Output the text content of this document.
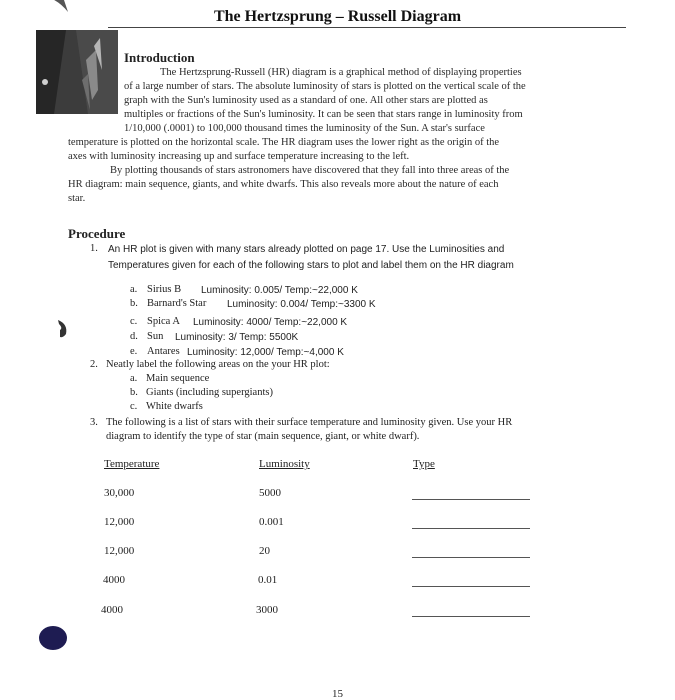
The Hertzsprung – Russell Diagram
Introduction
The Hertzsprung-Russell (HR) diagram is a graphical method of displaying properties
of a large number of stars. The absolute luminosity of stars is plotted on the vertical scale of the
graph with the Sun's luminosity used as a standard of one. All other stars are plotted as
multiples or fractions of the Sun's luminosity. It can be seen that stars range in luminosity from
1/10,000 (.0001) to 100,000 thousand times the luminosity of the Sun. A star's surface
temperature is plotted on the horizontal scale. The HR diagram uses the lower right as the origin of the
axes with luminosity increasing up and surface temperature increasing to the left.
By plotting thousands of stars astronomers have discovered that they fall into three areas of the
HR diagram: main sequence, giants, and white dwarfs. This also reveals more about the nature of each
star.
Procedure
1. An HR plot is given with many stars already plotted on page 17. Use the Luminosities and
Temperatures given for each of the following stars to plot and label them on the HR diagram
a. Sirius B Luminosity: 0.005/ Temp:~22,000 K
b. Barnard's Star Luminosity: 0.004/ Temp:~3300 K
c. Spica A Luminosity: 4000/ Temp:~22,000 K
d. Sun Luminosity: 3/ Temp: 5500K
e. Antares Luminosity: 12,000/ Temp:~4,000 K
2. Neatly label the following areas on the your HR plot:
a. Main sequence
b. Giants (including supergiants)
c. White dwarfs
3. The following is a list of stars with their surface temperature and luminosity given. Use your HR
diagram to identify the type of star (main sequence, giant, or white dwarf).
Temperature	Luminosity	Type
30,000	5000
12,000	0.001
12,000	20
4000	0.01
4000	3000
15
